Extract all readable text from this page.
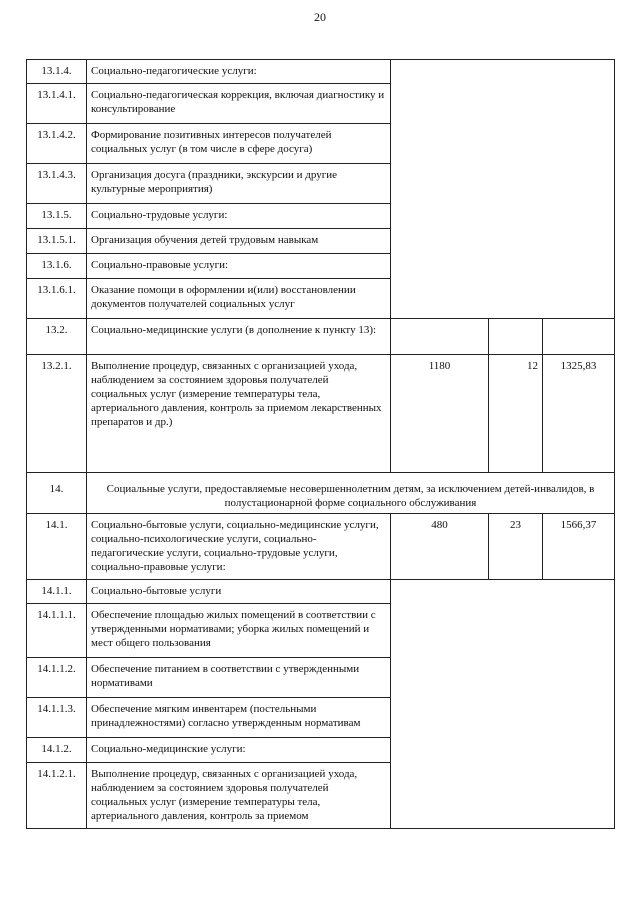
20
13.1.4.	Социально-педагогические услуги:			
13.1.4.1.	Социально-педагогическая коррекция, включая диагностику и консультирование			
13.1.4.2.	Формирование позитивных интересов получателей социальных услуг (в том числе в сфере досуга)			
13.1.4.3.	Организация досуга (праздники, экскурсии и другие культурные мероприятия)			
13.1.5.	Социально-трудовые услуги:			
13.1.5.1.	Организация обучения детей трудовым навыкам			
13.1.6.	Социально-правовые услуги:			
13.1.6.1.	Оказание помощи в оформлении и(или) восстановлении документов получателей социальных услуг			
13.2.	Социально-медицинские услуги (в дополнение к пункту 13):			
13.2.1.	Выполнение процедур, связанных с организацией ухода, наблюдением за состоянием здоровья получателей социальных услуг (измерение температуры тела, артериального давления, контроль за приемом лекарственных препаратов и др.)	1180	12	1325,83
14.	Социальные услуги, предоставляемые несовершеннолетним детям, за исключением детей-инвалидов, в полустационарной форме социального обслуживания			
14.1.	Социально-бытовые услуги, социально-медицинские услуги, социально-психологические услуги, социально-педагогические услуги, социально-трудовые услуги, социально-правовые услуги:	480	23	1566,37
14.1.1.	Социально-бытовые услуги			
14.1.1.1.	Обеспечение площадью жилых помещений в соответствии с утвержденными нормативами; уборка жилых помещений и мест общего пользования			
14.1.1.2.	Обеспечение питанием в соответствии с утвержденными нормативами			
14.1.1.3.	Обеспечение мягким инвентарем (постельными принадлежностями) согласно утвержденным нормативам			
14.1.2.	Социально-медицинские услуги:			
14.1.2.1.	Выполнение процедур, связанных с организацией ухода, наблюдением за состоянием здоровья получателей социальных услуг (измерение температуры тела, артериального давления, контроль за приемом			
